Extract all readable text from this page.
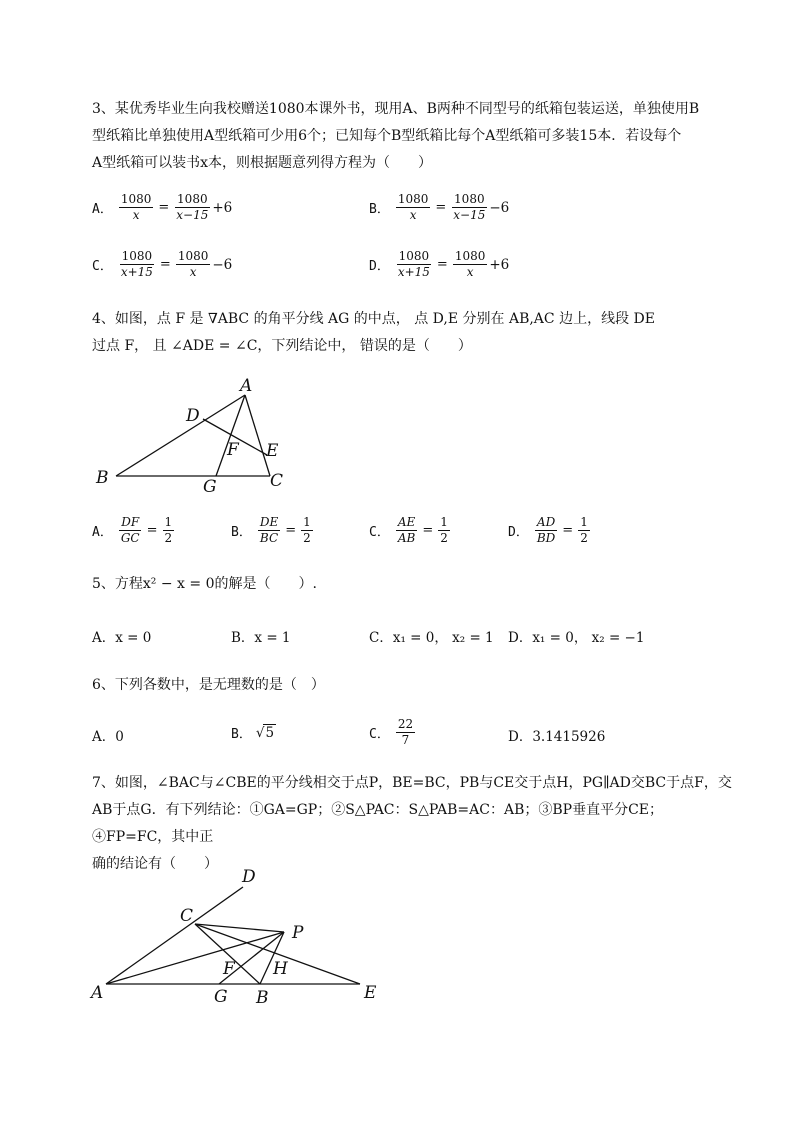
3、某优秀毕业生向我校赠送1080本课外书，现用A、B两种不同型号的纸箱包装运送，单独使用B
型纸箱比单独使用A型纸箱可少用6个；已知每个B型纸箱比每个A型纸箱可多装15本．若设每个
A型纸箱可以装书x本，则根据题意列得方程为（　　）
A． $\frac{1080}{x} = \frac{1080}{x-15} +6$	B． $\frac{1080}{x} = \frac{1080}{x-15} -6$
C． $\frac{1080}{x+15} = \frac{1080}{x} -6$	D． $\frac{1080}{x+15} = \frac{1080}{x} +6$
4、如图，点 F 是 ∇ABC 的角平分线 AG 的中点， 点 D,E 分别在 AB,AC 边上，线段 DE
过点 F， 且 ∠ADE = ∠C，下列结论中， 错误的是（　　）
A
D
F E
B	G	C
A． $\frac{DF}{GC} = \frac{1}{2}$	B． $\frac{DE}{BC} = \frac{1}{2}$	C． $\frac{AE}{AB} = \frac{1}{2}$	D． $\frac{AD}{BD} = \frac{1}{2}$
5、方程x² − x = 0的解是（　　）.
A．x = 0	B．x = 1	C．x₁ = 0， x₂ = 1 D．x₁ = 0， x₂ = −1
6、下列各数中，是无理数的是（　）
A．0	B． √ 5	C． $\frac{22}{7}$	D．3.1415926
7、如图，∠BAC与∠CBE的平分线相交于点P，BE=BC，PB与CE交于点H，PG∥AD交BC于点F，交
AB于点G．有下列结论：①GA=GP；②S△PAC：S△PAB=AC：AB；③BP垂直平分CE；④FP=FC，其中正
确的结论有（　　）
D
C
P
F H
A	G B	E
